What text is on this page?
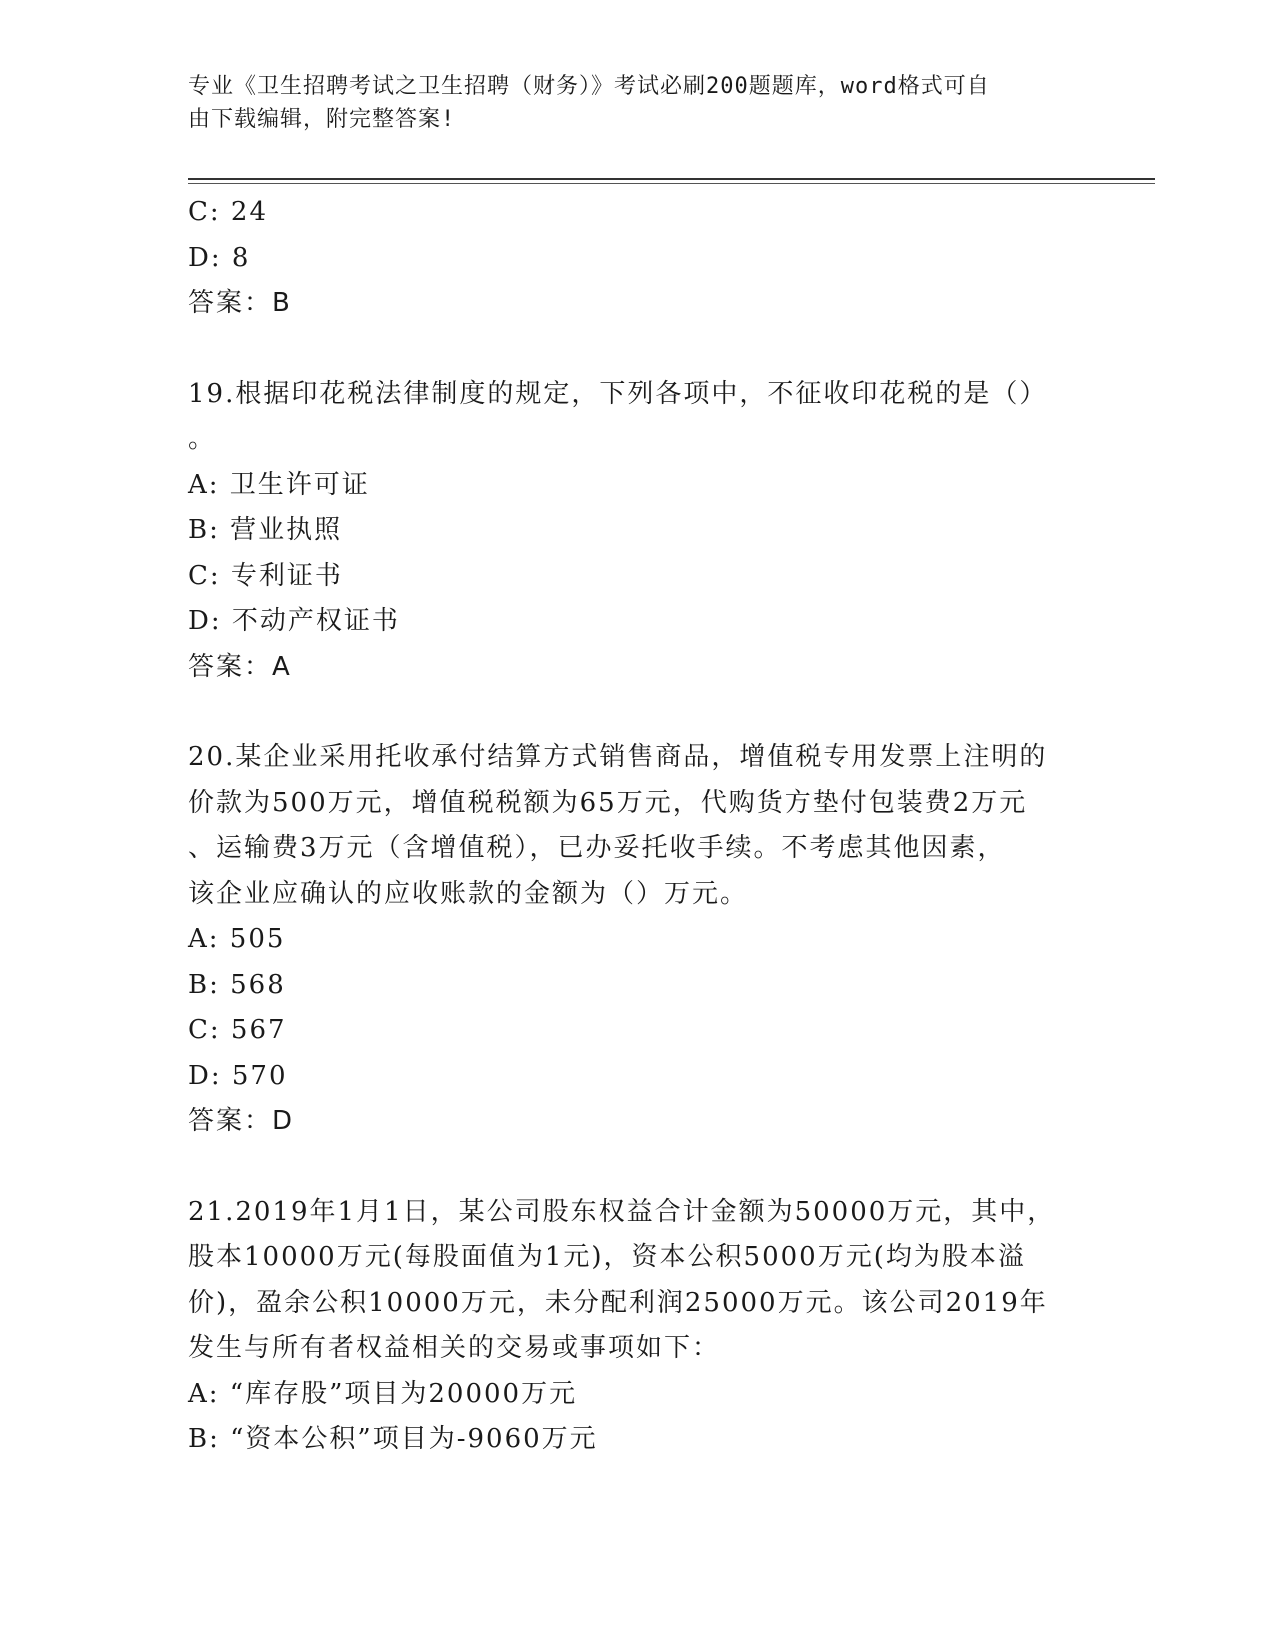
专业《卫生招聘考试之卫生招聘（财务）》考试必刷200题题库，word格式可自
由下载编辑，附完整答案!
C: 24
D: 8
答案：B
19.根据印花税法律制度的规定，下列各项中，不征收印花税的是（）
。
A: 卫生许可证
B: 营业执照
C: 专利证书
D: 不动产权证书
答案：A
20.某企业采用托收承付结算方式销售商品，增值税专用发票上注明的
价款为500万元，增值税税额为65万元，代购货方垫付包装费2万元
、运输费3万元（含增值税），已办妥托收手续。不考虑其他因素，
该企业应确认的应收账款的金额为（）万元。
A: 505
B: 568
C: 567
D: 570
答案：D
21.2019年1月1日，某公司股东权益合计金额为50000万元，其中，
股本10000万元(每股面值为1元)，资本公积5000万元(均为股本溢
价)，盈余公积10000万元，未分配利润25000万元。该公司2019年
发生与所有者权益相关的交易或事项如下：
A: “库存股”项目为20000万元
B: “资本公积”项目为-9060万元
